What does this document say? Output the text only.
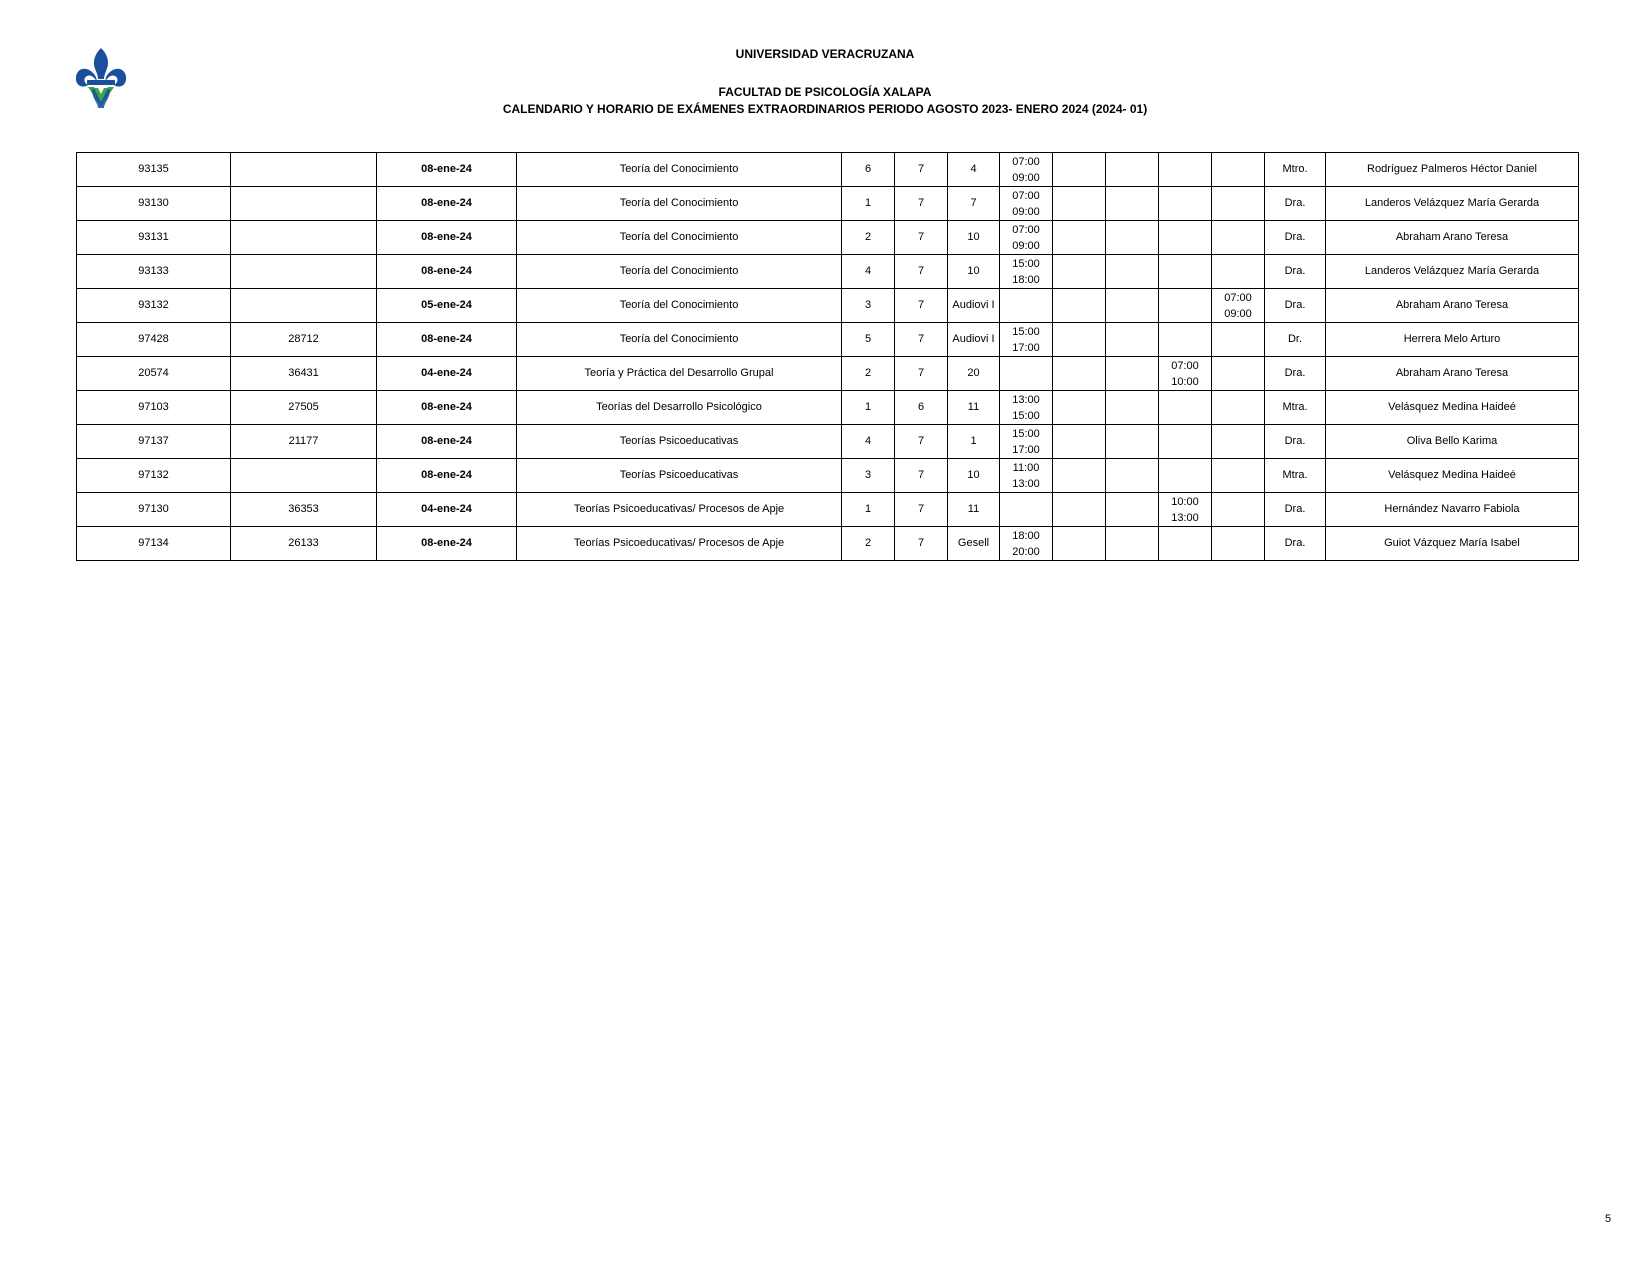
UNIVERSIDAD VERACRUZANA
FACULTAD DE PSICOLOGÍA XALAPA
CALENDARIO Y HORARIO DE EXÁMENES EXTRAORDINARIOS PERIODO AGOSTO 2023- ENERO 2024 (2024- 01)
93135		08-ene-24	Teoría del Conocimiento	6	7	4	07:00
09:00					Mtro.	Rodríguez Palmeros Héctor Daniel
93130		08-ene-24	Teoría del Conocimiento	1	7	7	07:00
09:00					Dra.	Landeros Velázquez María Gerarda
93131		08-ene-24	Teoría del Conocimiento	2	7	10	07:00
09:00					Dra.	Abraham Arano Teresa
93133		08-ene-24	Teoría del Conocimiento	4	7	10	15:00
18:00					Dra.	Landeros Velázquez María Gerarda
93132		05-ene-24	Teoría del Conocimiento	3	7	Audiovi I					07:00
09:00	Dra.	Abraham Arano Teresa
97428	28712	08-ene-24	Teoría del Conocimiento	5	7	Audiovi I	15:00
17:00					Dr.	Herrera Melo Arturo
20574	36431	04-ene-24	Teoría y Práctica del Desarrollo Grupal	2	7	20				07:00
10:00		Dra.	Abraham Arano Teresa
97103	27505	08-ene-24	Teorías del Desarrollo Psicológico	1	6	11	13:00
15:00					Mtra.	Velásquez Medina Haideé
97137	21177	08-ene-24	Teorías Psicoeducativas	4	7	1	15:00
17:00					Dra.	Oliva Bello Karima
97132		08-ene-24	Teorías Psicoeducativas	3	7	10	11:00
13:00					Mtra.	Velásquez Medina Haideé
97130	36353	04-ene-24	Teorías Psicoeducativas/ Procesos de Apje	1	7	11				10:00
13:00		Dra.	Hernández Navarro Fabiola
97134	26133	08-ene-24	Teorías Psicoeducativas/ Procesos de Apje	2	7	Gesell	18:00
20:00					Dra.	Guiot Vázquez María Isabel
5
